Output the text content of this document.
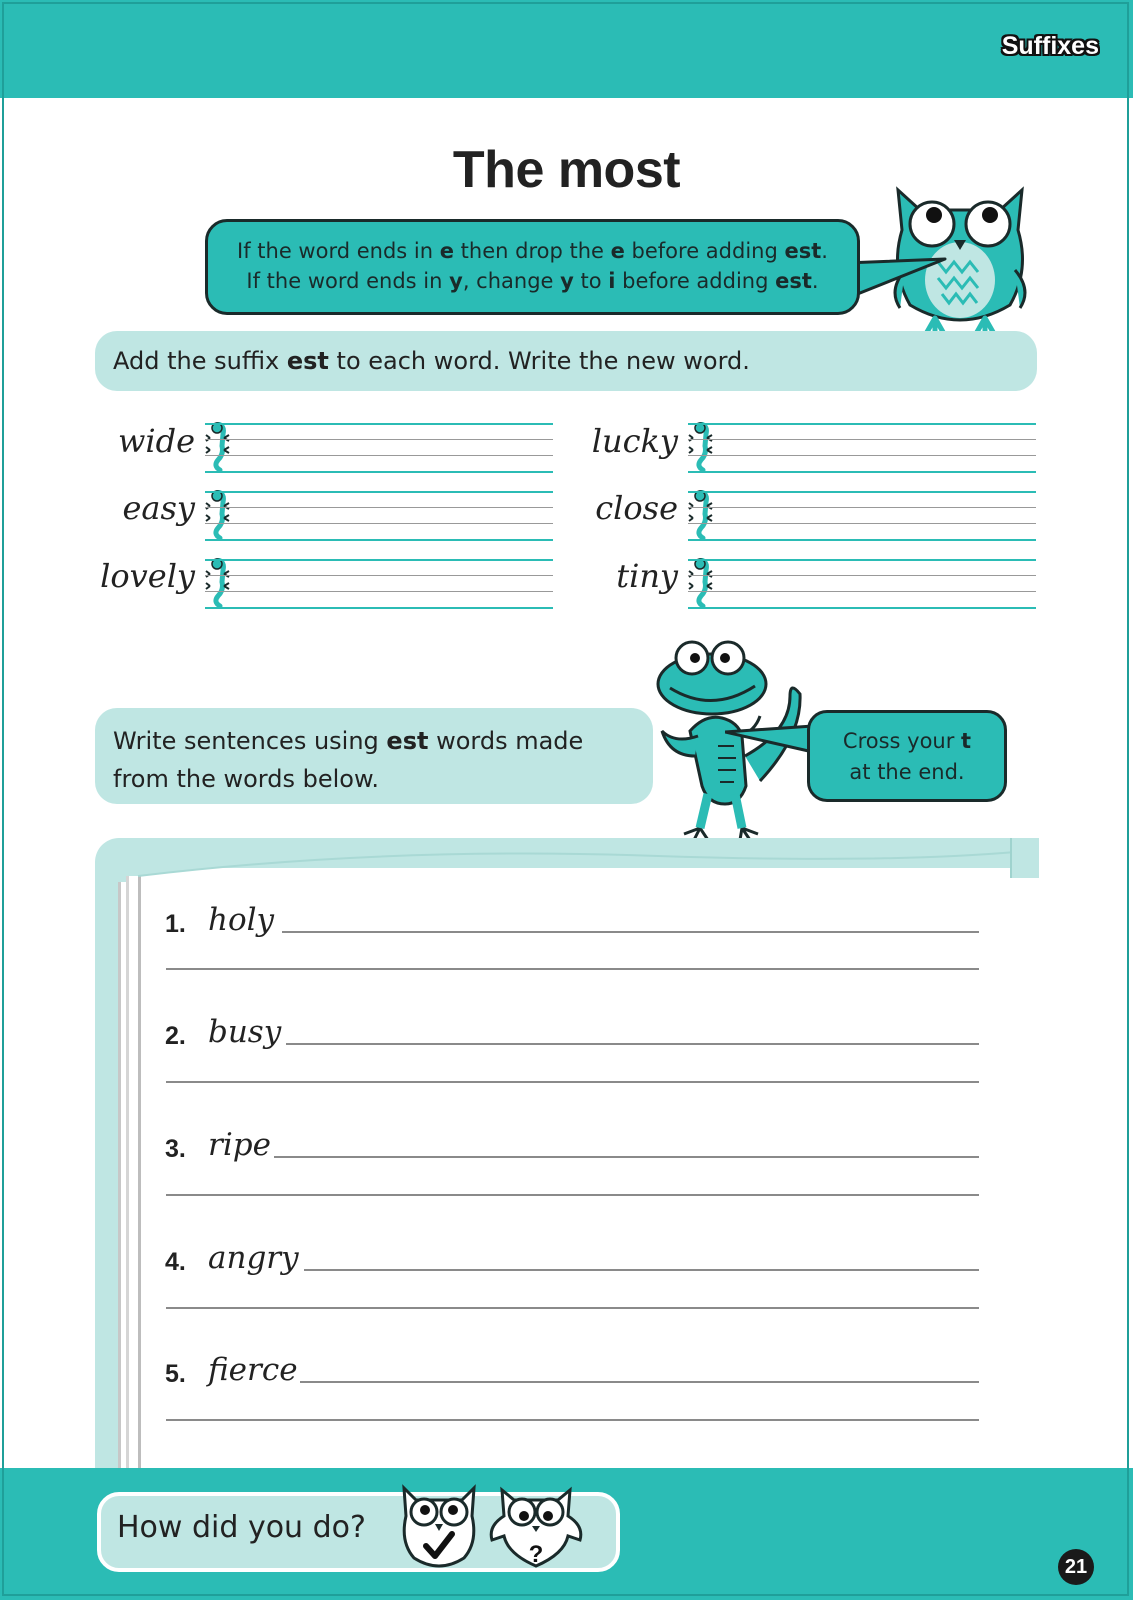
Suffixes
The most
If the word ends in e then drop the e before adding est.
If the word ends in y, change y to i before adding est.
Add the suffix est to each word. Write the new word.
wide
easy
lovely
lucky
close
tiny
Write sentences using est words made
from the words below.
Cross your t
at the end.
1. holy
2. busy
3. ripe
4. angry
5. fierce
How did you do?
?	21
